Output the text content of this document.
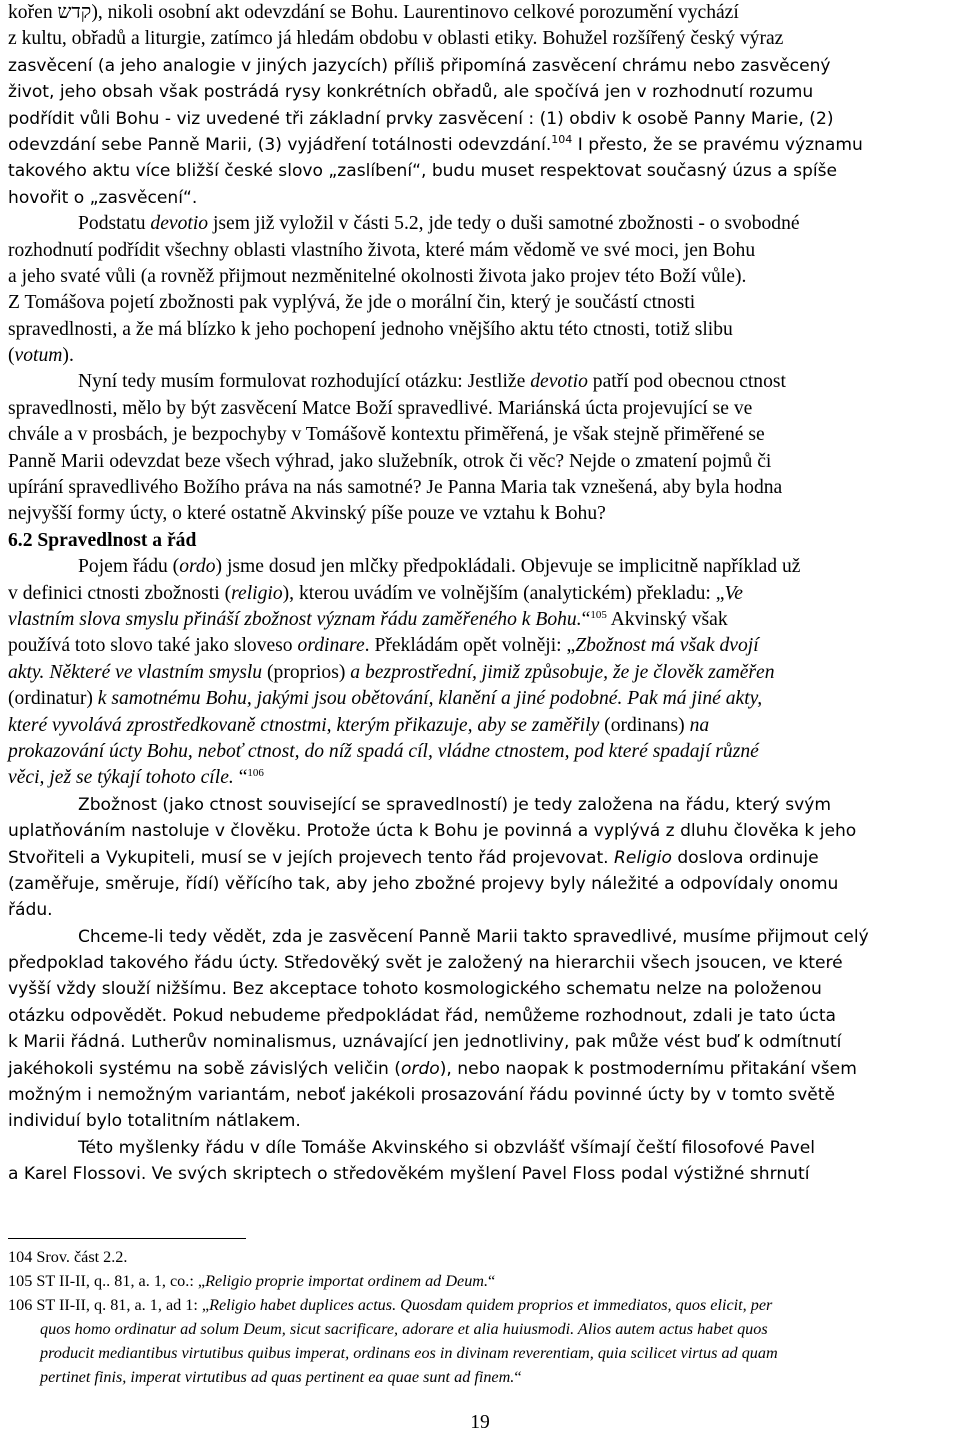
kořen קדש), nikoli osobní akt odevzdání se Bohu. Laurentinovo celkové porozumění vychází
z kultu, obřadů a liturgie, zatímco já hledám obdobu v oblasti etiky. Bohužel rozšířený český výraz
zasvěcení (a jeho analogie v jiných jazycích) příliš připomíná zasvěcení chrámu nebo zasvěcený
život, jeho obsah však postrádá rysy konkrétních obřadů, ale spočívá jen v rozhodnutí rozumu
podřídit vůli Bohu - viz uvedené tři základní prvky zasvěcení : (1) obdiv k osobě Panny Marie, (2)
odevzdání sebe Panně Marii, (3) vyjádření totálnosti odevzdání.$^{104}$ I přesto, že se pravému významu
takového aktu více bližší české slovo „zaslíbení“, budu muset respektovat současný úzus a spíše
hovořit o „zasvěcení“.
Podstatu devotio jsem již vyložil v části 5.2, jde tedy o duši samotné zbožnosti - o svobodné
rozhodnutí podřídit všechny oblasti vlastního života, které mám vědomě ve své moci, jen Bohu
a jeho svaté vůli (a rovněž přijmout nezměnitelné okolnosti života jako projev této Boží vůle).
Z Tomášova pojetí zbožnosti pak vyplývá, že jde o morální čin, který je součástí ctnosti
spravedlnosti, a že má blízko k jeho pochopení jednoho vnějšího aktu této ctnosti, totiž slibu
(votum).
Nyní tedy musím formulovat rozhodující otázku: Jestliže devotio patří pod obecnou ctnost
spravedlnosti, mělo by být zasvěcení Matce Boží spravedlivé. Mariánská úcta projevující se ve
chvále a v prosbách, je bezpochyby v Tomášově kontextu přiměřená, je však stejně přiměřené se
Panně Marii odevzdat beze všech výhrad, jako služebník, otrok či věc? Nejde o zmatení pojmů či
upírání spravedlivého Božího práva na nás samotné? Je Panna Maria tak vznešená, aby byla hodna
nejvyšší formy úcty, o které ostatně Akvinský píše pouze ve vztahu k Bohu?
6.2 Spravedlnost a řád
Pojem řádu (ordo) jsme dosud jen mlčky předpokládali. Objevuje se implicitně například už
v definici ctnosti zbožnosti (religio), kterou uvádím ve volnějším (analytickém) překladu: „Ve
vlastním slova smyslu přináší zbožnost význam řádu zaměřeného k Bohu.“$^{105}$ Akvinský však
používá toto slovo také jako sloveso ordinare. Překládám opět volněji: „Zbožnost má však dvojí
akty. Některé ve vlastním smyslu (proprios) a bezprostřední, jimiž způsobuje, že je člověk zaměřen
(ordinatur) k samotnému Bohu, jakými jsou obětování, klanění a jiné podobné. Pak má jiné akty,
které vyvolává zprostředkovaně ctnostmi, kterým přikazuje, aby se zaměřily (ordinans) na
prokazování úcty Bohu, neboť ctnost, do níž spadá cíl, vládne ctnostem, pod které spadají různé
věci, jež se týkají tohoto cíle. “$^{106}$
Zbožnost (jako ctnost související se spravedlností) je tedy založena na řádu, který svým
uplatňováním nastoluje v člověku. Protože úcta k Bohu je povinná a vyplývá z dluhu člověka k jeho
Stvořiteli a Vykupiteli, musí se v jejích projevech tento řád projevovat. Religio doslova ordinuje
(zaměřuje, směruje, řídí) věřícího tak, aby jeho zbožné projevy byly náležité a odpovídaly onomu
řádu.
Chceme-li tedy vědět, zda je zasvěcení Panně Marii takto spravedlivé, musíme přijmout celý
předpoklad takového řádu úcty. Středověký svět je založený na hierarchii všech jsoucen, ve které
vyšší vždy slouží nižšímu. Bez akceptace tohoto kosmologického schematu nelze na položenou
otázku odpovědět. Pokud nebudeme předpokládat řád, nemůžeme rozhodnout, zdali je tato úcta
k Marii řádná. Lutherův nominalismus, uznávající jen jednotliviny, pak může vést buď k odmítnutí
jakéhokoli systému na sobě závislých veličin (ordo), nebo naopak k postmodernímu přitakání všem
možným i nemožným variantám, neboť jakékoli prosazování řádu povinné úcty by v tomto světě
individuí bylo totalitním nátlakem.
Této myšlenky řádu v díle Tomáše Akvinského si obzvlášť všímají čeští filosofové Pavel
a Karel Flossovi. Ve svých skriptech o středověkém myšlení Pavel Floss podal výstižné shrnutí
104 Srov. část 2.2.
105 ST II-II, q.. 81, a. 1, co.: „Religio proprie importat ordinem ad Deum.“
106 ST II-II, q. 81, a. 1, ad 1: „Religio habet duplices actus. Quosdam quidem proprios et immediatos, quos elicit, per
quos homo ordinatur ad solum Deum, sicut sacrificare, adorare et alia huiusmodi. Alios autem actus habet quos
producit mediantibus virtutibus quibus imperat, ordinans eos in divinam reverentiam, quia scilicet virtus ad quam
pertinet finis, imperat virtutibus ad quas pertinent ea quae sunt ad finem.“
19
